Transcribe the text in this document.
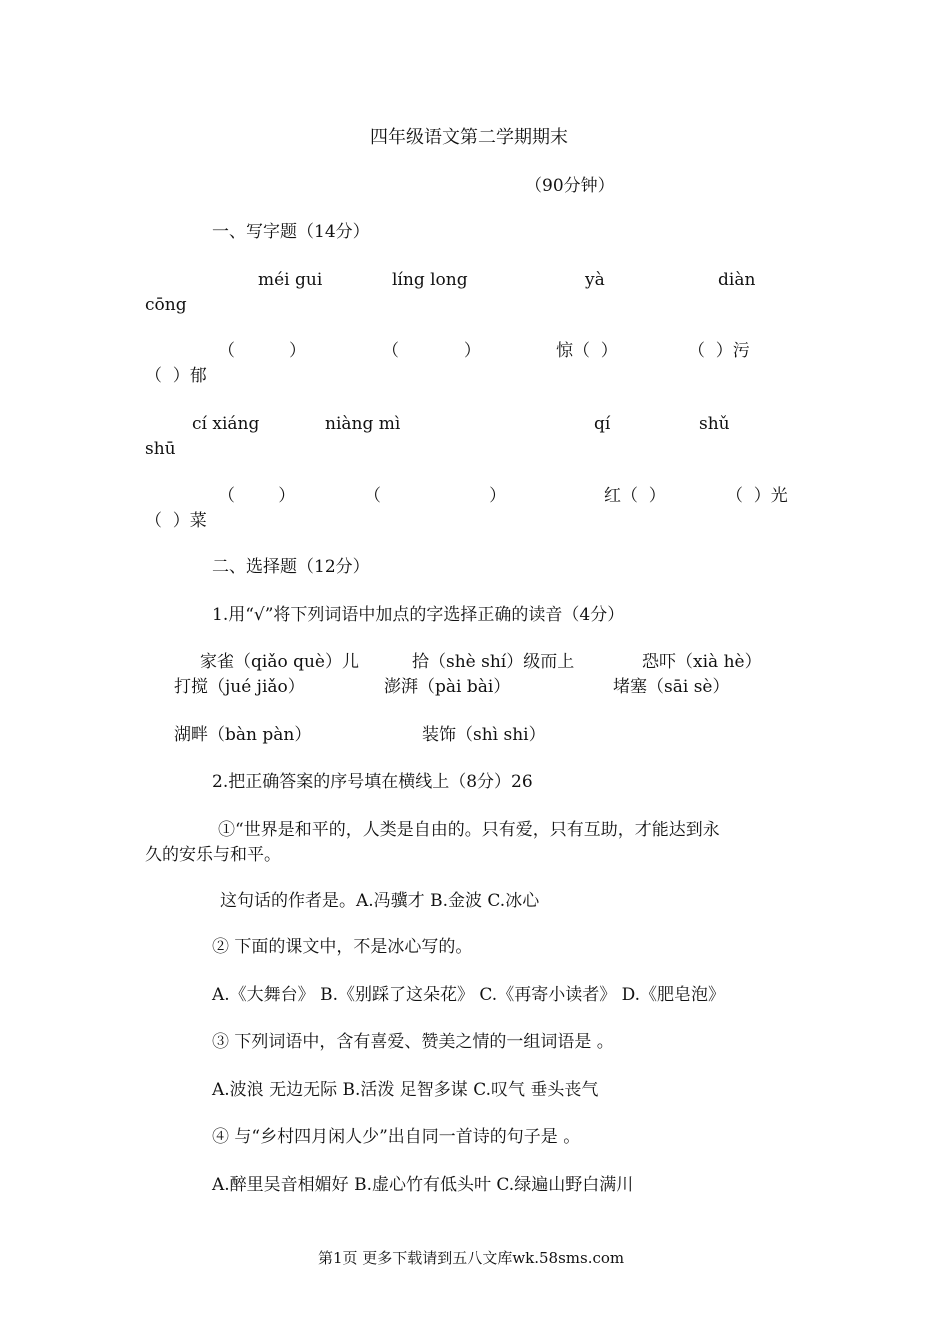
四年级语文第二学期期末
（90分钟）
一、写字题（14分）
méi gui	líng long	yà	diàn
cōng
（          ）	（            ）	惊（  ）	（  ）污
（  ）郁
cí xiáng	niàng mì	qí	shǔ
shū
（        ）	（                    ）	红（  ）	（  ）光
（  ）菜
二、选择题（12分）
1.用“√”将下列词语中加点的字选择正确的读音（4分）
家雀（qiǎo què）儿	拾（shè shí）级而上	恐吓（xià hè）
打搅（jué jiǎo）	澎湃（pài bài）	堵塞（sāi sè）
湖畔（bàn pàn）	装饰（shì shi）
2.把正确答案的序号填在横线上（8分）26
①“世界是和平的，人类是自由的。只有爱，只有互助，才能达到永
久的安乐与和平。
这句话的作者是。A.冯骥才 B.金波 C.冰心
② 下面的课文中，不是冰心写的。
A.《大舞台》 B.《别踩了这朵花》 C.《再寄小读者》 D.《肥皂泡》
③ 下列词语中，含有喜爱、赞美之情的一组词语是 。
A.波浪 无边无际 B.活泼 足智多谋 C.叹气 垂头丧气
④ 与“乡村四月闲人少”出自同一首诗的句子是 。
A.醉里吴音相媚好 B.虚心竹有低头叶 C.绿遍山野白满川
第1页 更多下载请到五八文库wk.58sms.com
